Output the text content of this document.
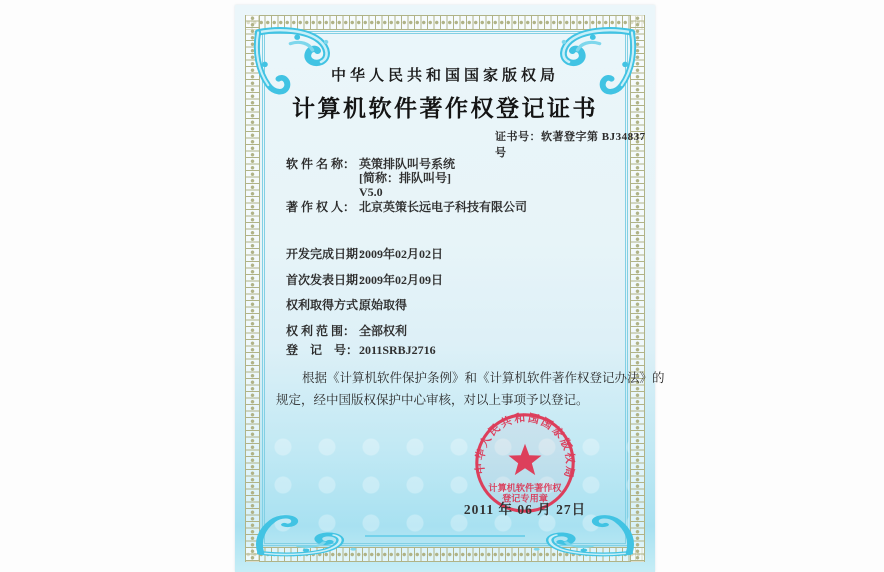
中华人民共和国国家版权局
计算机软件著作权登记证书
证书号：软著登字第 BJ34837号
软 件 名 称： 英策排队叫号系统
[简称：排队叫号]
V5.0
著 作 权 人： 北京英策长远电子科技有限公司
开发完成日期：
2009年02月02日
首次发表日期：
2009年02月09日
权利取得方式：
原始取得
权 利 范 围： 全部权利
登　记　号： 2011SRBJ2716
根据《计算机软件保护条例》和《计算机软件著作权登记办法》的
规定，经中国版权保护中心审核，对以上事项予以登记。
中华人民共和国国家版权局
计算机软件著作权
登记专用章
2011 年 06 月 27日
